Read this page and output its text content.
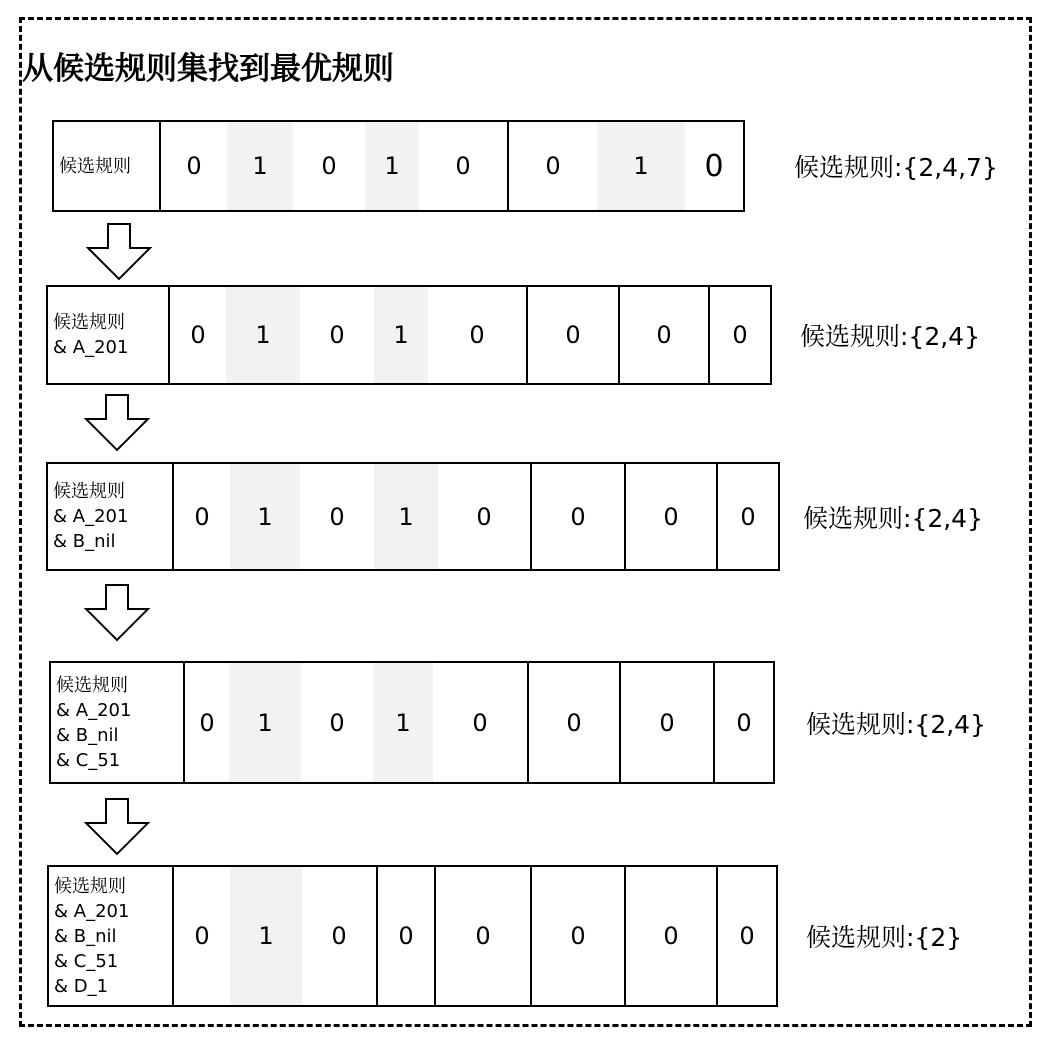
从候选规则集找到最优规则
候选规则	0	1	0	1	0	0	1	0	候选规则:{2,4,7}
候选规则
& A_201	0	1	0	1	0	0	0	0	候选规则:{2,4}
候选规则
& A_201
& B_nil
0	1	0	1	0	0	0	0	候选规则:{2,4}
候选规则
& A_201
& B_nil
& C_51
0	1	0	1	0	0	0	0	候选规则:{2,4}
候选规则
& A_201
& B_nil
& C_51
& D_1
0	1	0	0	0	0	0	0	候选规则:{2}
